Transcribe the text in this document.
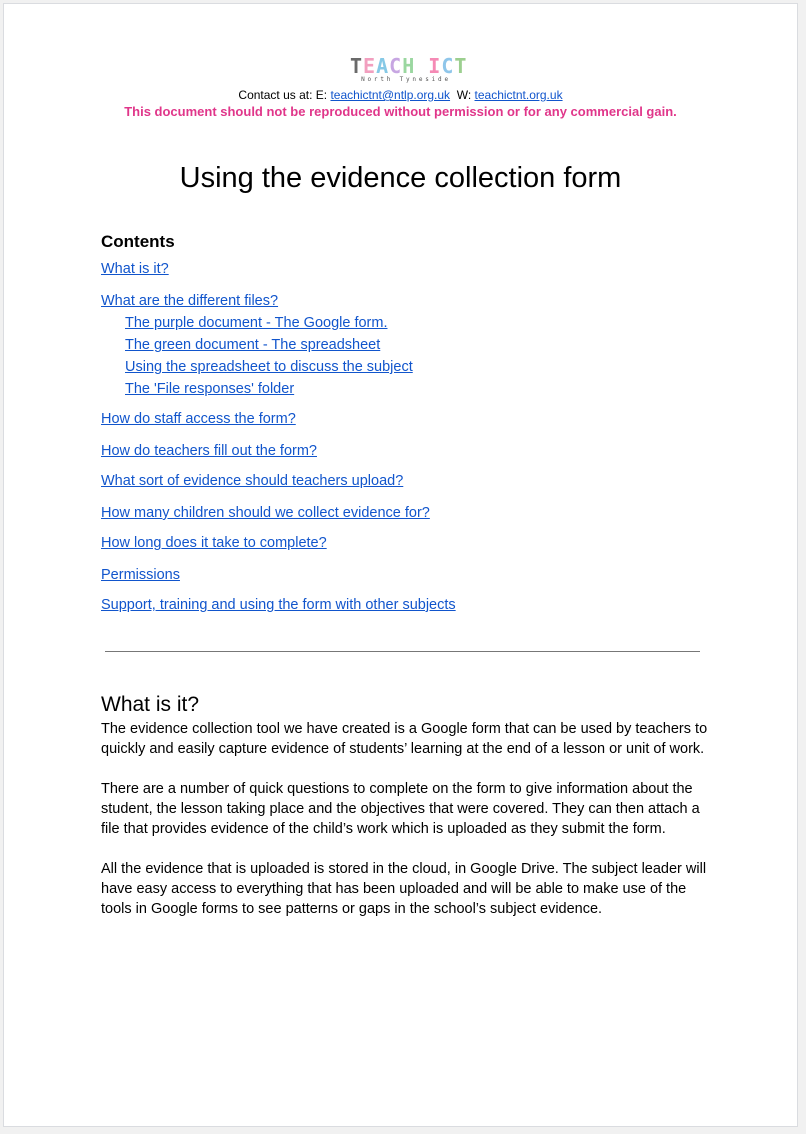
TEACH ICT
North Tyneside
Contact us at: E: teachictnt@ntlp.org.uk W: teachictnt.org.uk
This document should not be reproduced without permission or for any commercial gain.
Using the evidence collection form
Contents
What is it?
What are the different files?
The purple document - The Google form.
The green document - The spreadsheet
Using the spreadsheet to discuss the subject
The 'File responses' folder
How do staff access the form?
How do teachers fill out the form?
What sort of evidence should teachers upload?
How many children should we collect evidence for?
How long does it take to complete?
Permissions
Support, training and using the form with other subjects
What is it?

The evidence collection tool we have created is a Google form that can be used by teachers to quickly and easily capture evidence of students’ learning at the end of a lesson or unit of work.

There are a number of quick questions to complete on the form to give information about the student, the lesson taking place and the objectives that were covered. They can then attach a file that provides evidence of the child’s work which is uploaded as they submit the form.

All the evidence that is uploaded is stored in the cloud, in Google Drive. The subject leader will have easy access to everything that has been uploaded and will be able to make use of the tools in Google forms to see patterns or gaps in the school’s subject evidence.
